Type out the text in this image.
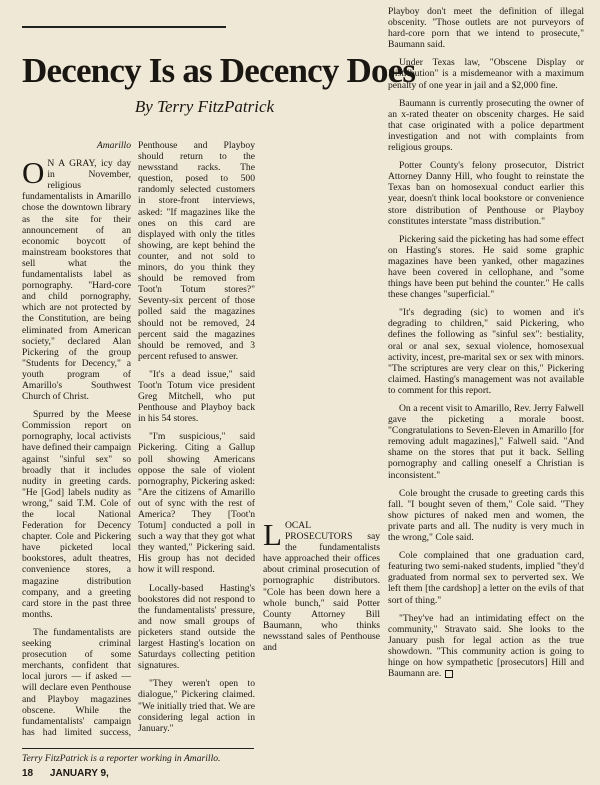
Decency Is as Decency Does

By Terry FitzPatrick

Amarillo

O N A GRAY, icy day in November, religious fundamentalists in Amarillo chose the downtown library as the site for their announcement of an economic boycott of mainstream bookstores that sell what the fundamentalists label as pornography. "Hard-core and child pornography, which are not protected by the Constitution, are being eliminated from American society," declared Alan Pickering of the group "Students for Decency," a youth program of Amarillo's Southwest Church of Christ.

Spurred by the Meese Commission report on pornography, local activists have defined their campaign against "sinful sex" so broadly that it includes nudity in greeting cards. "He [God] labels nudity as wrong," said T.M. Cole of the local National Federation for Decency chapter. Cole and Pickering have picketed local bookstores, adult theatres, convenience stores, a magazine distribution company, and a greeting card store in the past three months.

The fundamentalists are seeking criminal prosecution of some merchants, confident that local jurors — if asked — will declare even Penthouse and Playboy magazines obscene. While the fundamentalists' campaign has had limited success,

Penthouse and Playboy should return to the newsstand racks. The question, posed to 500 randomly selected customers in store-front interviews, asked: "If magazines like the ones on this card are displayed with only the titles showing, are kept behind the counter, and not sold to minors, do you think they should be removed from Toot'n Totum stores?" Seventy-six percent of those polled said the magazines should not be removed, 24 percent said the magazines should be removed, and 3 percent refused to answer.

"It's a dead issue," said Toot'n Totum vice president Greg Mitchell, who put Penthouse and Playboy back in his 54 stores.

"I'm suspicious," said Pickering. Citing a Gallup poll showing Americans oppose the sale of violent pornography, Pickering asked: "Are the citizens of Amarillo out of sync with the rest of America? They [Toot'n Totum] conducted a poll in such a way that they got what they wanted," Pickering said. His group has not decided how it will respond.

Locally-based Hasting's bookstores did not respond to the fundamentalists' pressure, and now small groups of picketers stand outside the largest Hasting's location on Saturdays collecting petition signatures.

"They weren't open to dialogue," Pickering claimed. "We initially tried that. We are considering legal action in January."

LOCAL PROSECUTORS say the fundamentalists have approached their offices about criminal prosecution of pornographic distributors. "Cole has been down here a whole bunch," said Potter County Attorney Bill Baumann, who thinks newsstand sales of Penthouse and

Playboy don't meet the definition of illegal obscenity. "Those outlets are not purveyors of hard-core porn that we intend to prosecute," Baumann said.

Under Texas law, "Obscene Display or Distribution" is a misdemeanor with a maximum penalty of one year in jail and a $2,000 fine.

Baumann is currently prosecuting the owner of an x-rated theater on obscenity charges. He said that case originated with a police department investigation and not with complaints from religious groups.

Potter County's felony prosecutor, District Attorney Danny Hill, who fought to reinstate the Texas ban on homosexual conduct earlier this year, doesn't think local bookstore or convenience store distribution of Penthouse or Playboy constitutes interstate "mass distribution."

Pickering said the picketing has had some effect on Hasting's stores. He said some graphic magazines have been yanked, other magazines have been covered in cellophane, and "some things have been put behind the counter." He calls these changes "superficial."

"It's degrading (sic) to women and it's degrading to children," said Pickering, who defines the following as "sinful sex": bestiality, oral or anal sex, sexual violence, homosexual activity, incest, pre-marital sex or sex with minors. "The scriptures are very clear on this," Pickering claimed. Hasting's management was not available to comment for this report.

On a recent visit to Amarillo, Rev. Jerry Falwell gave the picketing a morale boost. "Congratulations to Seven-Eleven in Amarillo [for removing adult magazines]," Falwell said. "And shame on the stores that put it back. Selling pornography and calling oneself a Christian is inconsistent."

Cole brought the crusade to greeting cards this fall. "I bought seven of them," Cole said. "They show pictures of naked men and women, the private parts and all. The nudity is very much in the wrong," Cole said.

Cole complained that one graduation card, featuring two semi-naked students, implied "they'd graduated from normal sex to perverted sex. We left them [the cardshop] a letter on the evils of that sort of thing."

"They've had an intimidating effect on the community," Stravato said. She looks to the January push for legal action as the true showdown. "This community action is going to hinge on how sympathetic [prosecutors] Hill and Baumann are.

Terry FitzPatrick is a reporter working in Amarillo.
18 JANUARY 9,
